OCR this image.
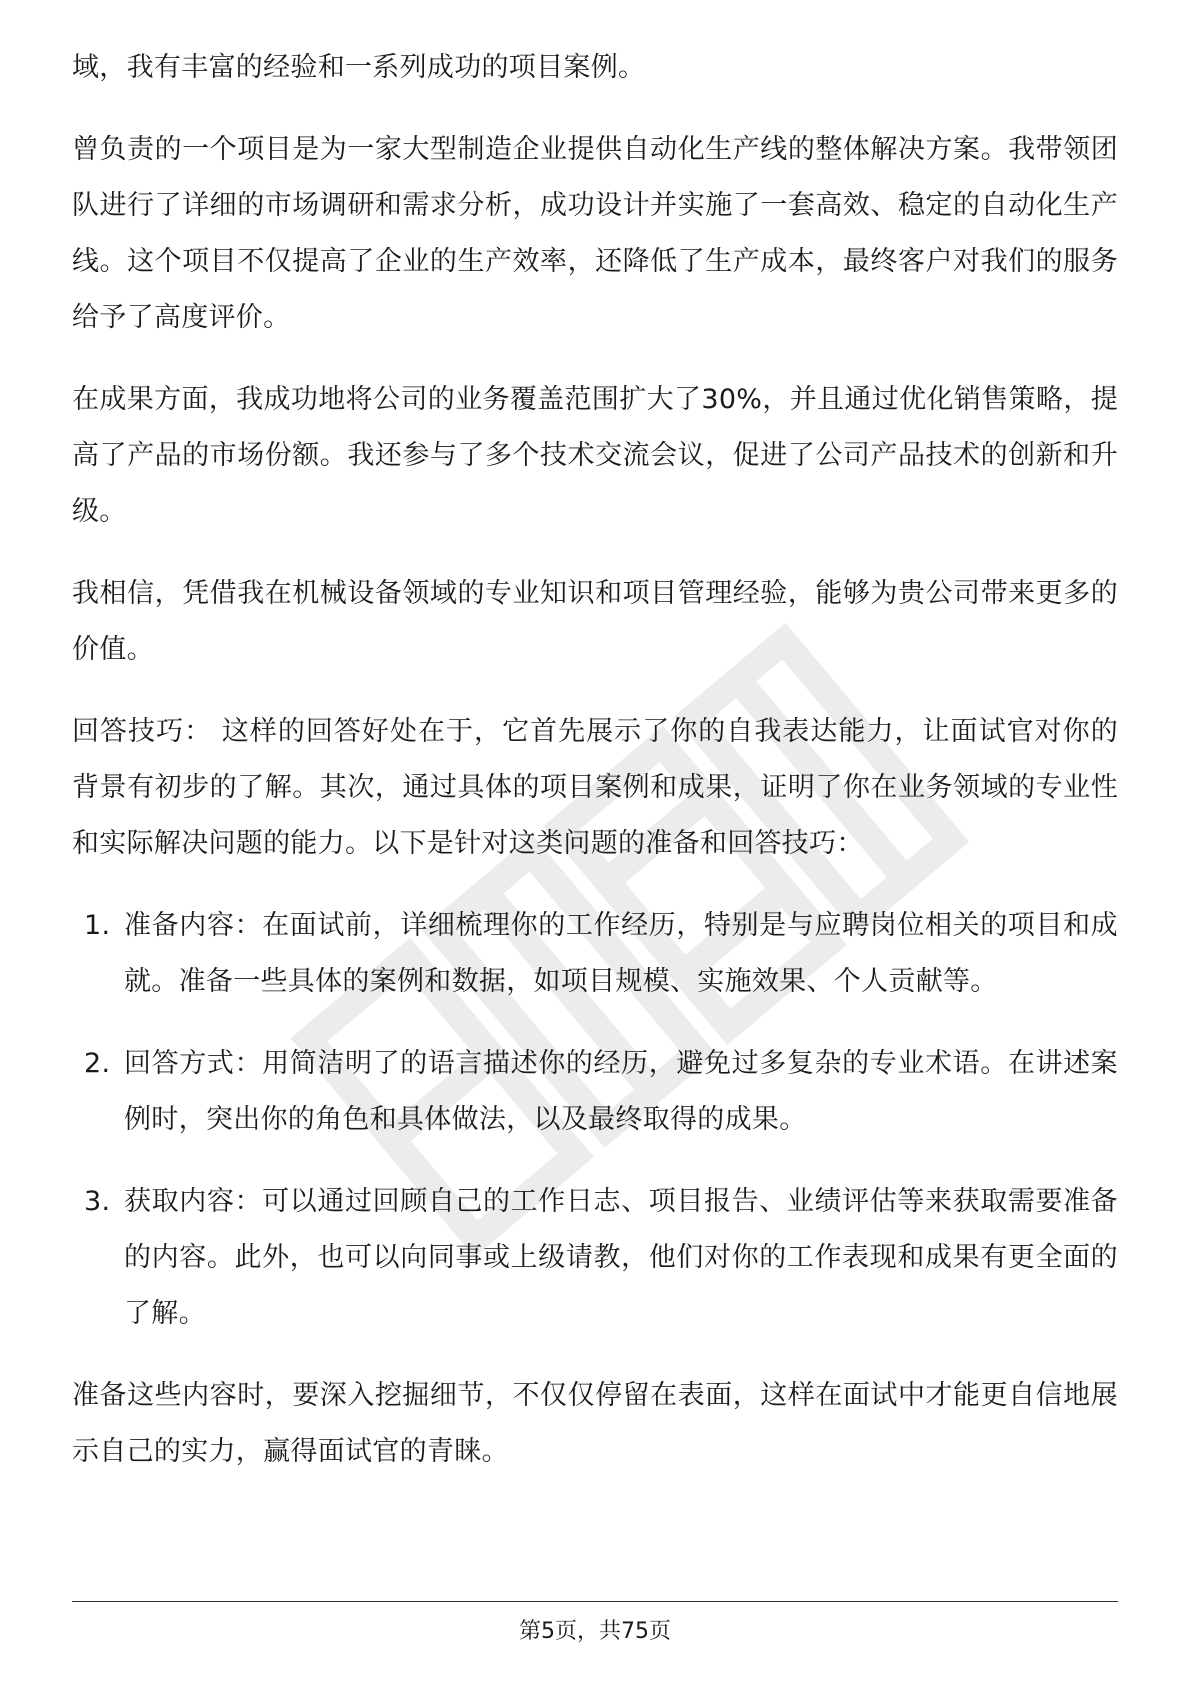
域，我有丰富的经验和一系列成功的项目案例。

曾负责的一个项目是为一家大型制造企业提供自动化生产线的整体解决方案。我带领团队进行了详细的市场调研和需求分析，成功设计并实施了一套高效、稳定的自动化生产线。这个项目不仅提高了企业的生产效率，还降低了生产成本，最终客户对我们的服务给予了高度评价。

在成果方面，我成功地将公司的业务覆盖范围扩大了30%，并且通过优化销售策略，提高了产品的市场份额。我还参与了多个技术交流会议，促进了公司产品技术的创新和升级。

我相信，凭借我在机械设备领域的专业知识和项目管理经验，能够为贵公司带来更多的价值。

回答技巧： 这样的回答好处在于，它首先展示了你的自我表达能力，让面试官对你的背景有初步的了解。其次，通过具体的项目案例和成果，证明了你在业务领域的专业性和实际解决问题的能力。以下是针对这类问题的准备和回答技巧：

1. 准备内容：在面试前，详细梳理你的工作经历，特别是与应聘岗位相关的项目和成就。准备一些具体的案例和数据，如项目规模、实施效果、个人贡献等。
2. 回答方式：用简洁明了的语言描述你的经历，避免过多复杂的专业术语。在讲述案例时，突出你的角色和具体做法，以及最终取得的成果。
3. 获取内容：可以通过回顾自己的工作日志、项目报告、业绩评估等来获取需要准备的内容。此外，也可以向同事或上级请教，他们对你的工作表现和成果有更全面的了解。

准备这些内容时，要深入挖掘细节，不仅仅停留在表面，这样在面试中才能更自信地展示自己的实力，赢得面试官的青睐。

第5页，共75页
